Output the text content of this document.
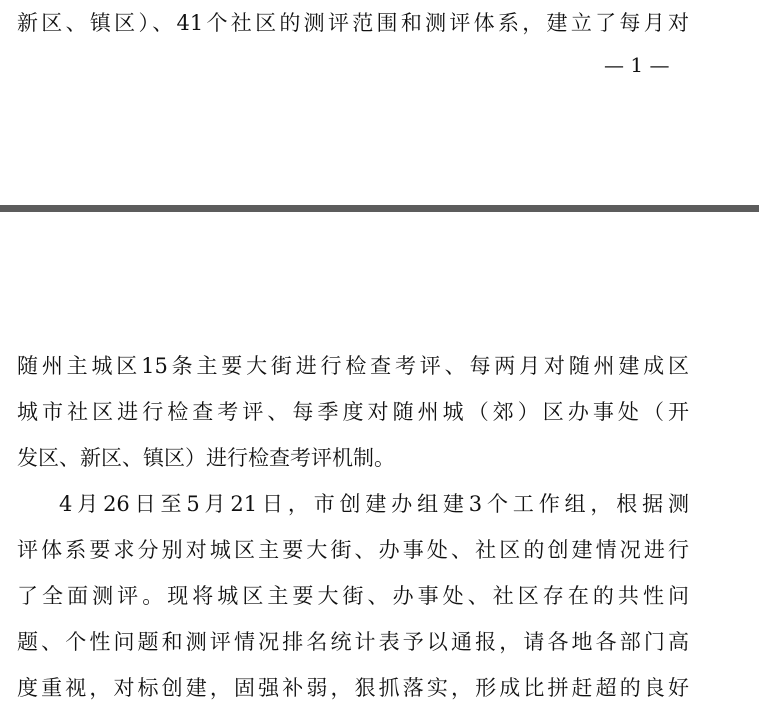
新区、镇区）、41个社区的测评范围和测评体系，建立了每月对
— 1 —
随州主城区15条主要大街进行检查考评、每两月对随州建成区
城市社区进行检查考评、每季度对随州城（郊）区办事处（开
发区、新区、镇区）进行检查考评机制。
4月26日至5月21日，市创建办组建3个工作组，根据测
评体系要求分别对城区主要大街、办事处、社区的创建情况进行
了全面测评。现将城区主要大街、办事处、社区存在的共性问
题、个性问题和测评情况排名统计表予以通报，请各地各部门高
度重视，对标创建，固强补弱，狠抓落实，形成比拼赶超的良好
